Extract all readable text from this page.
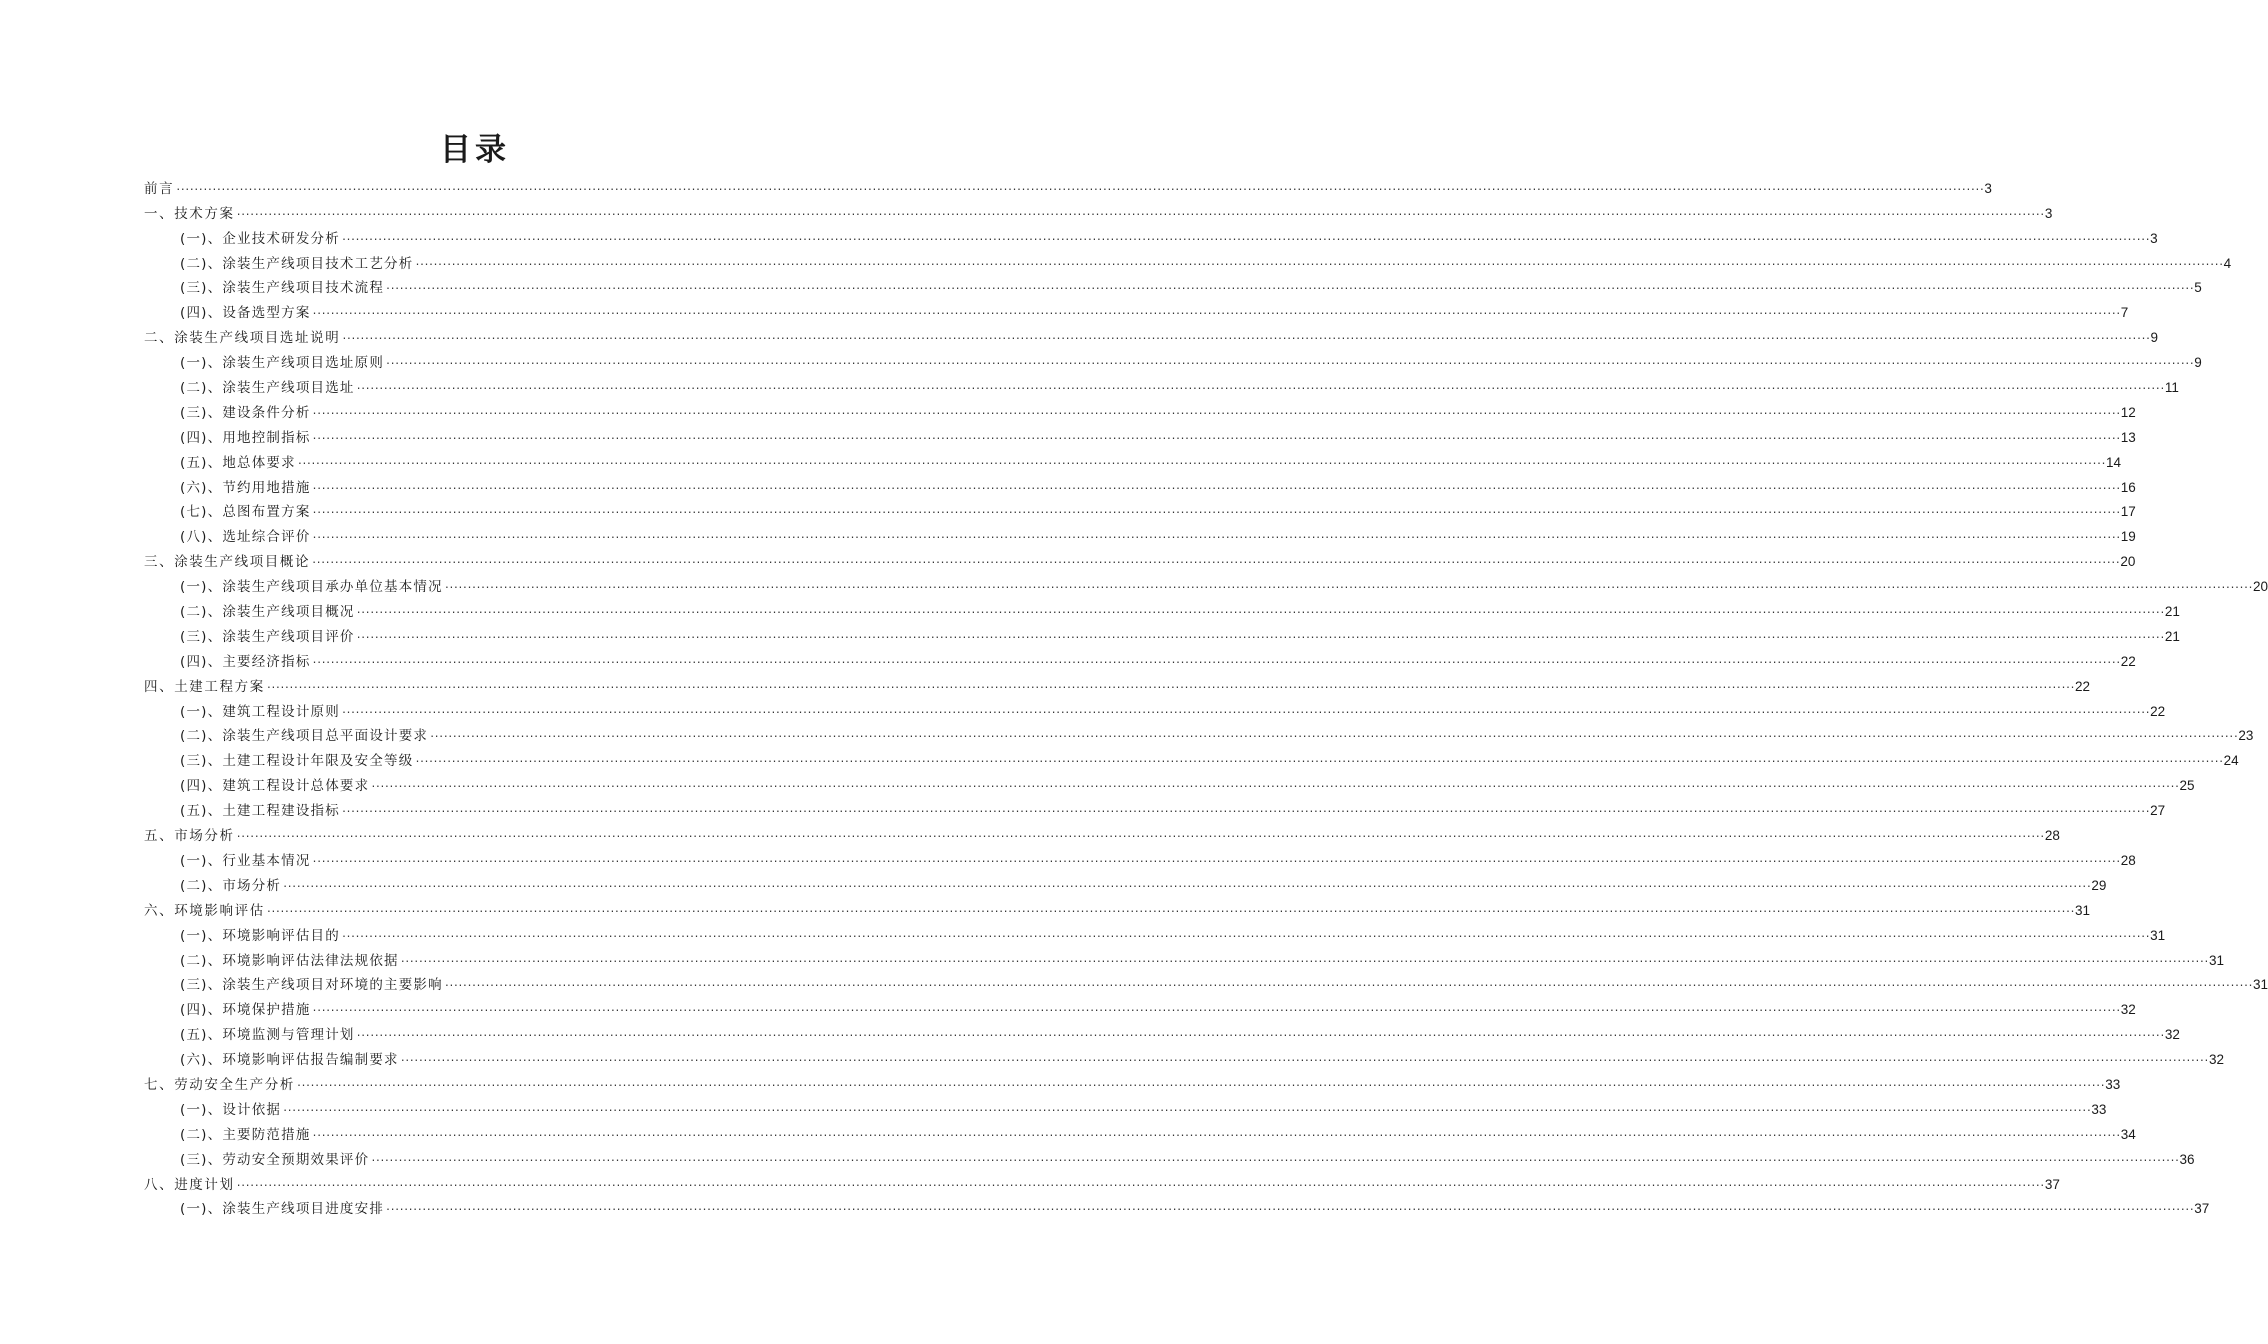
目录
前言 ................................................................................................................................................................................................................................................................................................................................................................................................................ 3
一、技术方案 ................................................................................................................................................................................................................................................................................................................................................................................................................ 3
(一)、企业技术研发分析 ................................................................................................................................................................................................................................................................................................................................................................................................................ 3
(二)、涂装生产线项目技术工艺分析 ................................................................................................................................................................................................................................................................................................................................................................................................................ 4
(三)、涂装生产线项目技术流程 ................................................................................................................................................................................................................................................................................................................................................................................................................ 5
(四)、设备选型方案 ................................................................................................................................................................................................................................................................................................................................................................................................................ 7
二、涂装生产线项目选址说明 ................................................................................................................................................................................................................................................................................................................................................................................................................ 9
(一)、涂装生产线项目选址原则 ................................................................................................................................................................................................................................................................................................................................................................................................................ 9
(二)、涂装生产线项目选址 ................................................................................................................................................................................................................................................................................................................................................................................................................ 11
(三)、建设条件分析 ................................................................................................................................................................................................................................................................................................................................................................................................................ 12
(四)、用地控制指标 ................................................................................................................................................................................................................................................................................................................................................................................................................ 13
(五)、地总体要求 ................................................................................................................................................................................................................................................................................................................................................................................................................ 14
(六)、节约用地措施 ................................................................................................................................................................................................................................................................................................................................................................................................................ 16
(七)、总图布置方案 ................................................................................................................................................................................................................................................................................................................................................................................................................ 17
(八)、选址综合评价 ................................................................................................................................................................................................................................................................................................................................................................................................................ 19
三、涂装生产线项目概论 ................................................................................................................................................................................................................................................................................................................................................................................................................ 20
(一)、涂装生产线项目承办单位基本情况 ................................................................................................................................................................................................................................................................................................................................................................................................................ 20
(二)、涂装生产线项目概况 ................................................................................................................................................................................................................................................................................................................................................................................................................ 21
(三)、涂装生产线项目评价 ................................................................................................................................................................................................................................................................................................................................................................................................................ 21
(四)、主要经济指标 ................................................................................................................................................................................................................................................................................................................................................................................................................ 22
四、土建工程方案 ................................................................................................................................................................................................................................................................................................................................................................................................................ 22
(一)、建筑工程设计原则 ................................................................................................................................................................................................................................................................................................................................................................................................................ 22
(二)、涂装生产线项目总平面设计要求 ................................................................................................................................................................................................................................................................................................................................................................................................................ 23
(三)、土建工程设计年限及安全等级 ................................................................................................................................................................................................................................................................................................................................................................................................................ 24
(四)、建筑工程设计总体要求 ................................................................................................................................................................................................................................................................................................................................................................................................................ 25
(五)、土建工程建设指标 ................................................................................................................................................................................................................................................................................................................................................................................................................ 27
五、市场分析 ................................................................................................................................................................................................................................................................................................................................................................................................................ 28
(一)、行业基本情况 ................................................................................................................................................................................................................................................................................................................................................................................................................ 28
(二)、市场分析 ................................................................................................................................................................................................................................................................................................................................................................................................................ 29
六、环境影响评估 ................................................................................................................................................................................................................................................................................................................................................................................................................ 31
(一)、环境影响评估目的 ................................................................................................................................................................................................................................................................................................................................................................................................................ 31
(二)、环境影响评估法律法规依据 ................................................................................................................................................................................................................................................................................................................................................................................................................ 31
(三)、涂装生产线项目对环境的主要影响 ................................................................................................................................................................................................................................................................................................................................................................................................................ 31
(四)、环境保护措施 ................................................................................................................................................................................................................................................................................................................................................................................................................ 32
(五)、环境监测与管理计划 ................................................................................................................................................................................................................................................................................................................................................................................................................ 32
(六)、环境影响评估报告编制要求 ................................................................................................................................................................................................................................................................................................................................................................................................................ 32
七、劳动安全生产分析 ................................................................................................................................................................................................................................................................................................................................................................................................................ 33
(一)、设计依据 ................................................................................................................................................................................................................................................................................................................................................................................................................ 33
(二)、主要防范措施 ................................................................................................................................................................................................................................................................................................................................................................................................................ 34
(三)、劳动安全预期效果评价 ................................................................................................................................................................................................................................................................................................................................................................................................................ 36
八、进度计划 ................................................................................................................................................................................................................................................................................................................................................................................................................ 37
(一)、涂装生产线项目进度安排 ................................................................................................................................................................................................................................................................................................................................................................................................................ 37
